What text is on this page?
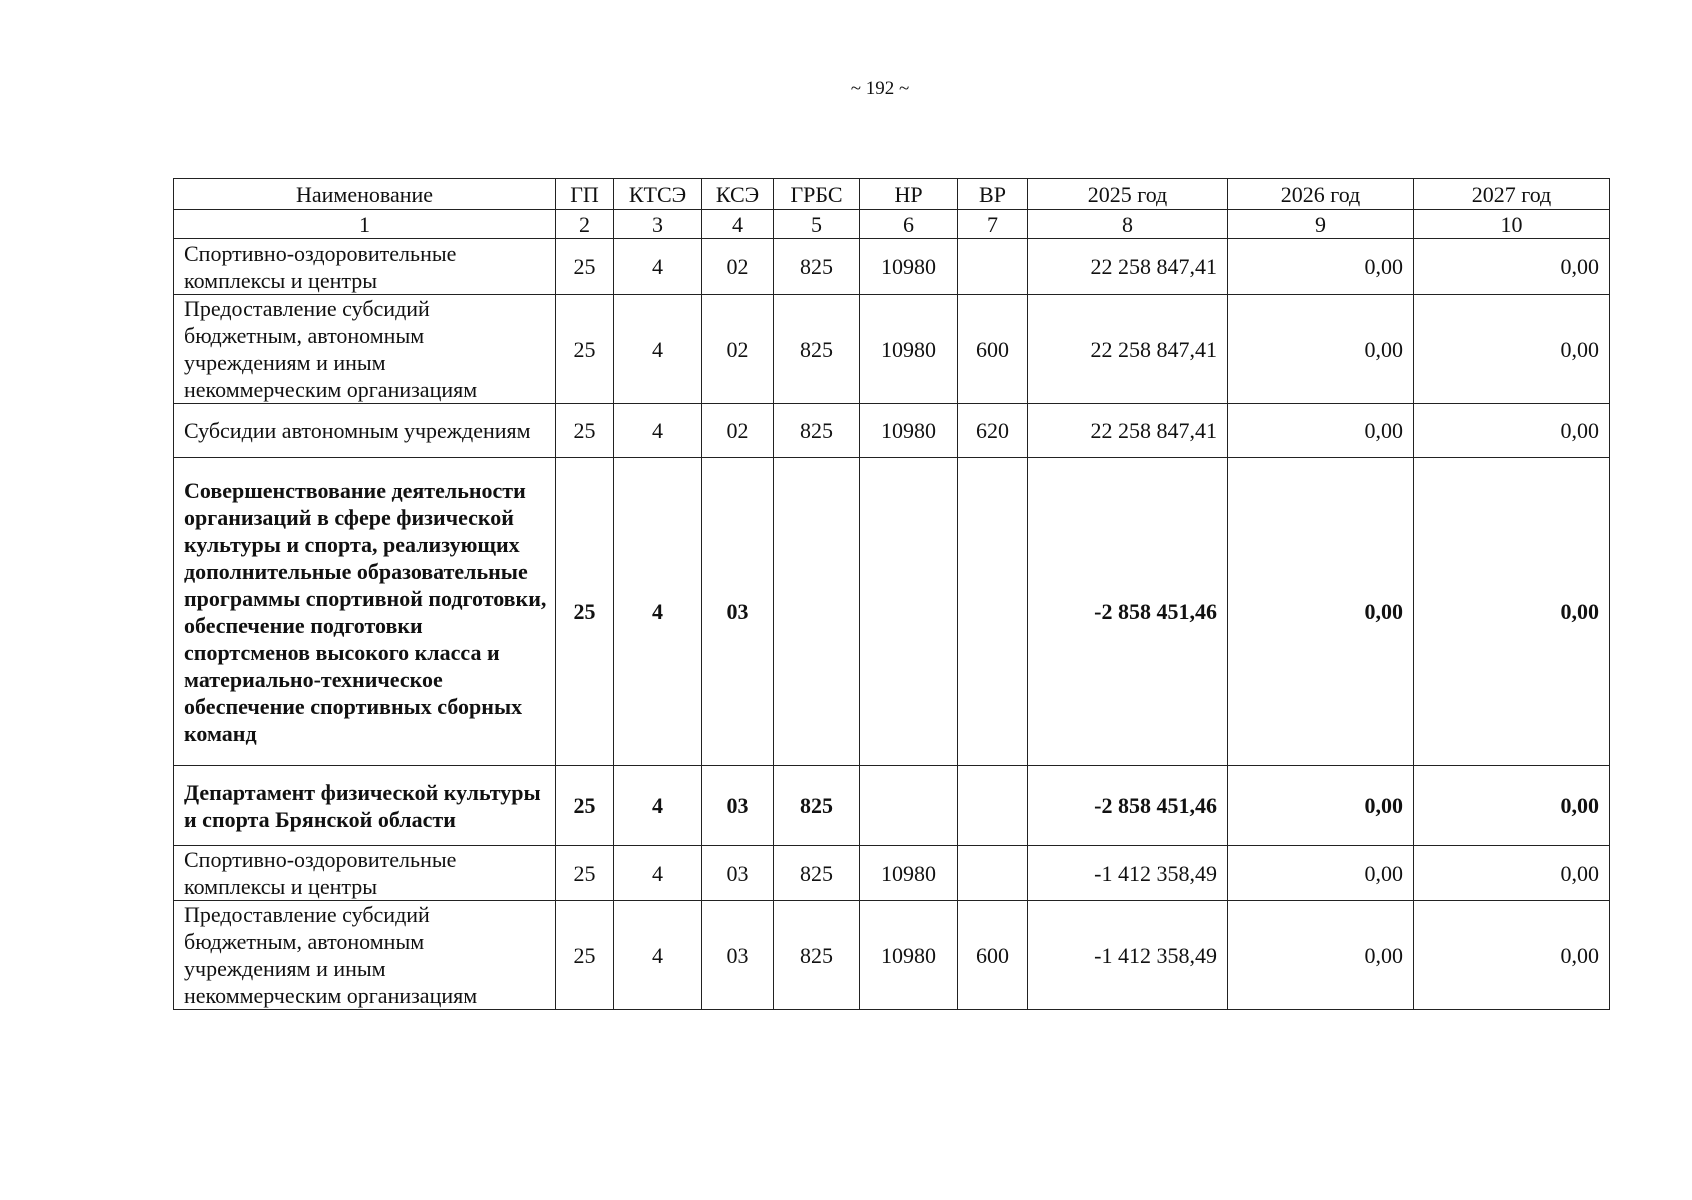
~ 192 ~
Наименование	ГП	КТСЭ	КСЭ	ГРБС	НР	ВР	2025 год	2026 год	2027 год
1	2	3	4	5	6	7	8	9	10
Спортивно-оздоровительные комплексы и центры	25	4	02	825	10980		22 258 847,41	0,00	0,00
Предоставление субсидий бюджетным, автономным учреждениям и иным некоммерческим организациям	25	4	02	825	10980	600	22 258 847,41	0,00	0,00
Субсидии автономным учреждениям	25	4	02	825	10980	620	22 258 847,41	0,00	0,00
Совершенствование деятельности организаций в сфере физической культуры и спорта, реализующих дополнительные образовательные программы спортивной подготовки, обеспечение подготовки спортсменов высокого класса и материально-техническое обеспечение спортивных сборных команд	25	4	03				-2 858 451,46	0,00	0,00
Департамент физической культуры и спорта Брянской области	25	4	03	825			-2 858 451,46	0,00	0,00
Спортивно-оздоровительные комплексы и центры	25	4	03	825	10980		-1 412 358,49	0,00	0,00
Предоставление субсидий бюджетным, автономным учреждениям и иным некоммерческим организациям	25	4	03	825	10980	600	-1 412 358,49	0,00	0,00
